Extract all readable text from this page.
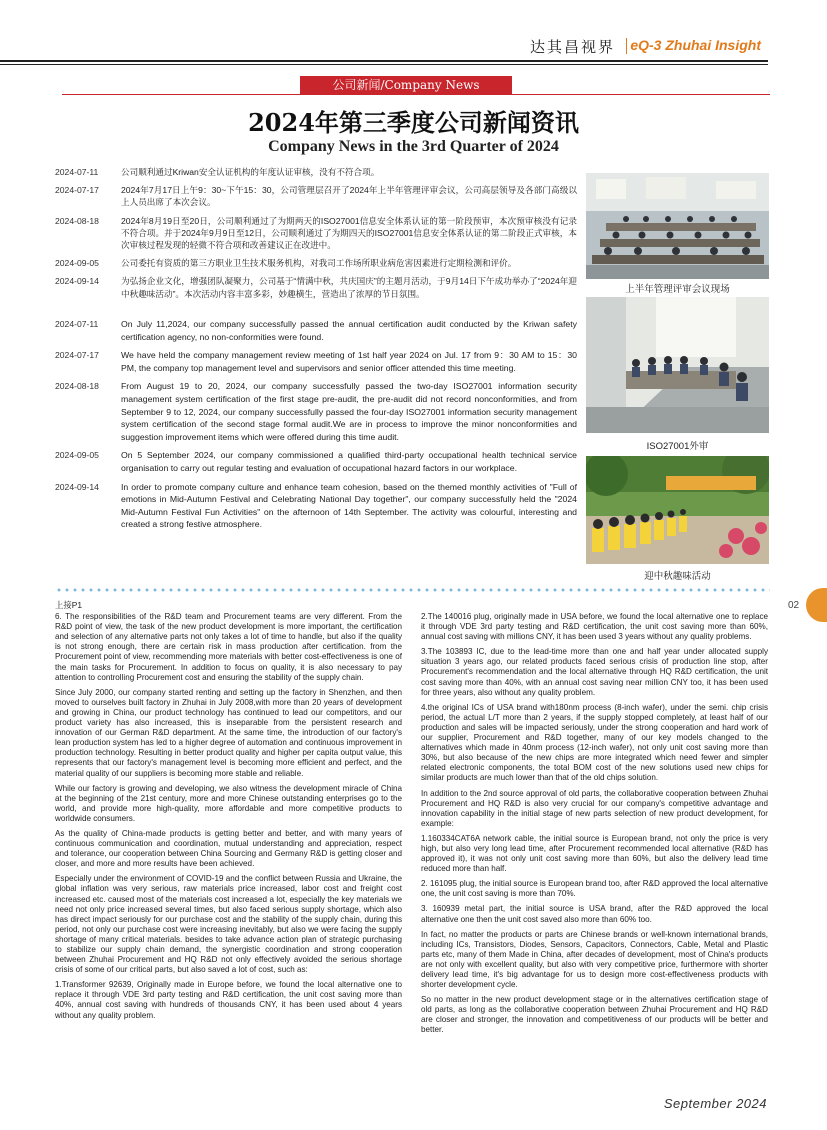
达其昌视界 eQ-3 Zhuhai Insight
公司新闻/Company News
2024年第三季度公司新闻资讯
Company News in the 3rd Quarter of 2024
2024-07-11	公司顺利通过Kriwan安全认证机构的年度认证审核，没有不符合项。
2024-07-17	2024年7月17日上午9：30~下午15：30，公司管理层召开了2024年上半年管理评审会议，公司高层领导及各部门高级以上人员出席了本次会议。
2024-08-18	2024年8月19日至20日，公司顺利通过了为期两天的ISO27001信息安全体系认证的第一阶段预审，本次预审核没有记录不符合项。并于2024年9月9日至12日，公司顺利通过了为期四天的ISO27001信息安全体系认证的第二阶段正式审核，本次审核过程发现的轻微不符合项和改善建议正在改进中。
2024-09-05	公司委托有资质的第三方职业卫生技术服务机构，对我司工作场所职业病危害因素进行定期检测和评价。
2024-09-14	为弘扬企业文化，增强团队凝聚力，公司基于“情满中秋，共庆国庆”的主题月活动，于9月14日下午成功举办了“2024年迎中秋趣味活动”。本次活动内容丰富多彩，妙趣横生，营造出了浓厚的节日氛围。
2024-07-11	On July 11,2024, our company successfully passed the annual certification audit conducted by the Kriwan safety certification agency, no non-conformities were found.
2024-07-17	We have held the company management review meeting of 1st half year 2024 on Jul. 17 from 9：30 AM to 15：30 PM, the company top management level and supervisors and senior officer attended this time meeting.
2024-08-18	From August 19 to 20, 2024, our company successfully passed the two-day ISO27001 information security management system certification of the first stage pre-audit, the pre-audit did not record nonconformities, and from September 9 to 12, 2024, our company successfully passed the four-day ISO27001 information security management system certification of the second stage formal audit.We are in process to improve the minor nonconformities and suggestion improvement items which were offered during this time audit.
2024-09-05	On 5 September 2024, our company commissioned a qualified third-party occupational health technical service organisation to carry out regular testing and evaluation of occupational hazard factors in our workplace.
2024-09-14	In order to promote company culture and enhance team cohesion, based on the themed monthly activities of "Full of emotions in Mid-Autumn Festival and Celebrating National Day together", our company successfully held the "2024 Mid-Autumn Festival Fun Activities" on the afternoon of 14th September. The activity was colourful, interesting and created a strong festive atmosphere.
上半年管理评审会议现场
ISO27001外审
迎中秋趣味活动
02

上接P1

6. The responsibilities of the R&D team and Procurement teams are very different. From the R&D point of view, the task of the new product development is more important, the certification and selection of any alternative parts not only takes a lot of time to handle, but also if the quality is not strong enough, there are certain risk in mass production after certification. from the Procurement point of view, recommending more materials with better cost-effectiveness is one of the main tasks for Procurement. In addition to focus on quality, it is also necessary to pay attention to controlling Procurement cost and ensuring the stability of the supply chain.

Since July 2000, our company started renting and setting up the factory in Shenzhen, and then moved to ourselves built factory in Zhuhai in July 2008,with more than 20 years of development and growing in China, our product technology has continued to lead our competitors, and our product variety has also increased, this is inseparable from the persistent research and innovation of our German R&D department. At the same time, the introduction of our factory's lean production system has led to a higher degree of automation and continuous improvement in production technology. Resulting in better product quality and higher per capita output value, this represents that our factory's management level is becoming more efficient and perfect, and the material quality of our suppliers is becoming more stable and reliable.

While our factory is growing and developing, we also witness the development miracle of China at the beginning of the 21st century, more and more Chinese outstanding enterprises go to the world, and provide more high-quality, more affordable and more competitive products to worldwide consumers.

As the quality of China-made products is getting better and better, and with many years of continuous communication and coordination, mutual understanding and appreciation, respect and tolerance, our cooperation between China Sourcing and Germany R&D is getting closer and closer, and more and more results have been achieved.

Especially under the environment of COVID-19 and the conflict between Russia and Ukraine, the global inflation was very serious, raw materials price increased, labor cost and freight cost increased etc. caused most of the materials cost increased a lot, especially the key materials we need not only price increased several times, but also faced serious supply shortage, which also has direct impact seriously for our purchase cost and the stability of the supply chain, during this period, not only our purchase cost were increasing inevitably, but also we were facing the supply shortage of many critical materials. besides to take advance action plan of strategic purchasing to stabilize our supply chain demand, the synergistic coordination and strong cooperation between Zhuhai Procurement and HQ R&D not only effectively avoided the serious shortage crisis of some of our critical parts, but also saved a lot of cost, such as:

1.Transformer 92639, Originally made in Europe before, we found the local alternative one to replace it through VDE 3rd party testing and R&D certification, the unit cost saving more than 40%, annual cost saving with hundreds of thousands CNY, it has been used about 4 years without any quality problem.

2.The 140016 plug, originally made in USA before, we found the local alternative one to replace it through VDE 3rd party testing and R&D certification, the unit cost saving more than 60%, annual cost saving with millions CNY, it has been used 3 years without any quality problems.

3.The 103893 IC, due to the lead-time more than one and half year under allocated supply situation 3 years ago, our related products faced serious crisis of production line stop, after Procurement's recommendation and the local alternative through HQ R&D certification, the unit cost saving more than 40%, with an annual cost saving near million CNY too, it has been used for three years, also without any quality problem.

4.the original ICs of USA brand with180nm process (8-inch wafer), under the semi. chip crisis period, the actual L/T more than 2 years, if the supply stopped completely, at least half of our production and sales will be impacted seriously, under the strong cooperation and hard work of our supplier, Procurement and R&D together, many of our key models changed to the alternatives which made in 40nm process (12-inch wafer), not only unit cost saving more than 30%, but also because of the new chips are more integrated which need fewer and simpler related electronic components, the total BOM cost of the new solutions used new chips for similar products are much lower than that of the old chips solution.

In addition to the 2nd source approval of old parts, the collaborative cooperation between Zhuhai Procurement and HQ R&D is also very crucial for our company's competitive advantage and innovation capability in the initial stage of new parts selection of new product development, for example:

1.160334CAT6A network cable, the initial source is European brand, not only the price is very high, but also very long lead time, after Procurement recommended local alternative (R&D has approved it), it was not only unit cost saving more than 60%, but also the delivery lead time reduced more than half.

2. 161095 plug, the initial source is European brand too, after R&D approved the local alternative one, the unit cost saving is more than 70%.

3. 160939 metal part, the initial source is USA brand, after the R&D approved the local alternative one then the unit cost saved also more than 60% too.

In fact, no matter the products or parts are Chinese brands or well-known international brands, including ICs, Transistors, Diodes, Sensors, Capacitors, Connectors, Cable, Metal and Plastic parts etc, many of them Made in China, after decades of development, most of China's products are not only with excellent quality, but also with very competitive price, furthermore with shorter delivery lead time, it's big advantage for us to design more cost-effectiveness products with shorter development cycle.

So no matter in the new product development stage or in the alternatives certification stage of old parts, as long as the collaborative cooperation between Zhuhai Procurement and HQ R&D are closer and stronger, the innovation and competitiveness of our products will be better and better.

September 2024
